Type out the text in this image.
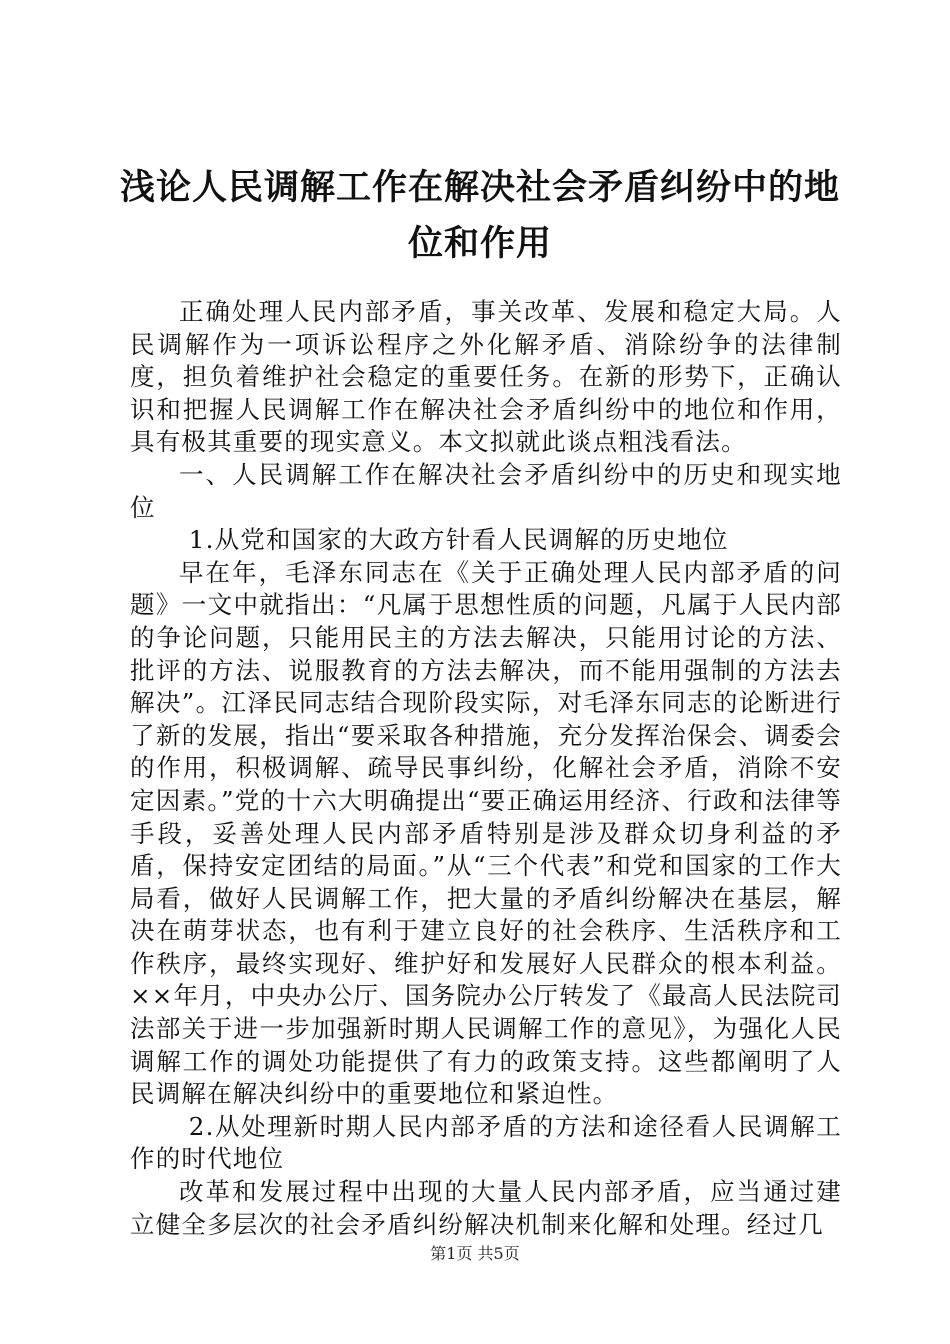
浅论人民调解工作在解决社会矛盾纠纷中的地位和作用

正确处理人民内部矛盾，事关改革、发展和稳定大局。人民调解作为一项诉讼程序之外化解矛盾、消除纷争的法律制度，担负着维护社会稳定的重要任务。在新的形势下，正确认识和把握人民调解工作在解决社会矛盾纠纷中的地位和作用，具有极其重要的现实意义。本文拟就此谈点粗浅看法。

一、人民调解工作在解决社会矛盾纠纷中的历史和现实地位

1.从党和国家的大政方针看人民调解的历史地位

早在年，毛泽东同志在《关于正确处理人民内部矛盾的问题》一文中就指出：“凡属于思想性质的问题，凡属于人民内部的争论问题，只能用民主的方法去解决，只能用讨论的方法、批评的方法、说服教育的方法去解决，而不能用强制的方法去解决”。江泽民同志结合现阶段实际，对毛泽东同志的论断进行了新的发展，指出“要采取各种措施，充分发挥治保会、调委会的作用，积极调解、疏导民事纠纷，化解社会矛盾，消除不安定因素。”党的十六大明确提出“要正确运用经济、行政和法律等手段，妥善处理人民内部矛盾特别是涉及群众切身利益的矛盾，保持安定团结的局面。”从“三个代表”和党和国家的工作大局看，做好人民调解工作，把大量的矛盾纠纷解决在基层，解决在萌芽状态，也有利于建立良好的社会秩序、生活秩序和工作秩序，最终实现好、维护好和发展好人民群众的根本利益。××年月，中央办公厅、国务院办公厅转发了《最高人民法院司法部关于进一步加强新时期人民调解工作的意见》，为强化人民调解工作的调处功能提供了有力的政策支持。这些都阐明了人民调解在解决纠纷中的重要地位和紧迫性。

2.从处理新时期人民内部矛盾的方法和途径看人民调解工作的时代地位

改革和发展过程中出现的大量人民内部矛盾，应当通过建立健全多层次的社会矛盾纠纷解决机制来化解和处理。经过几

第1页 共5页
